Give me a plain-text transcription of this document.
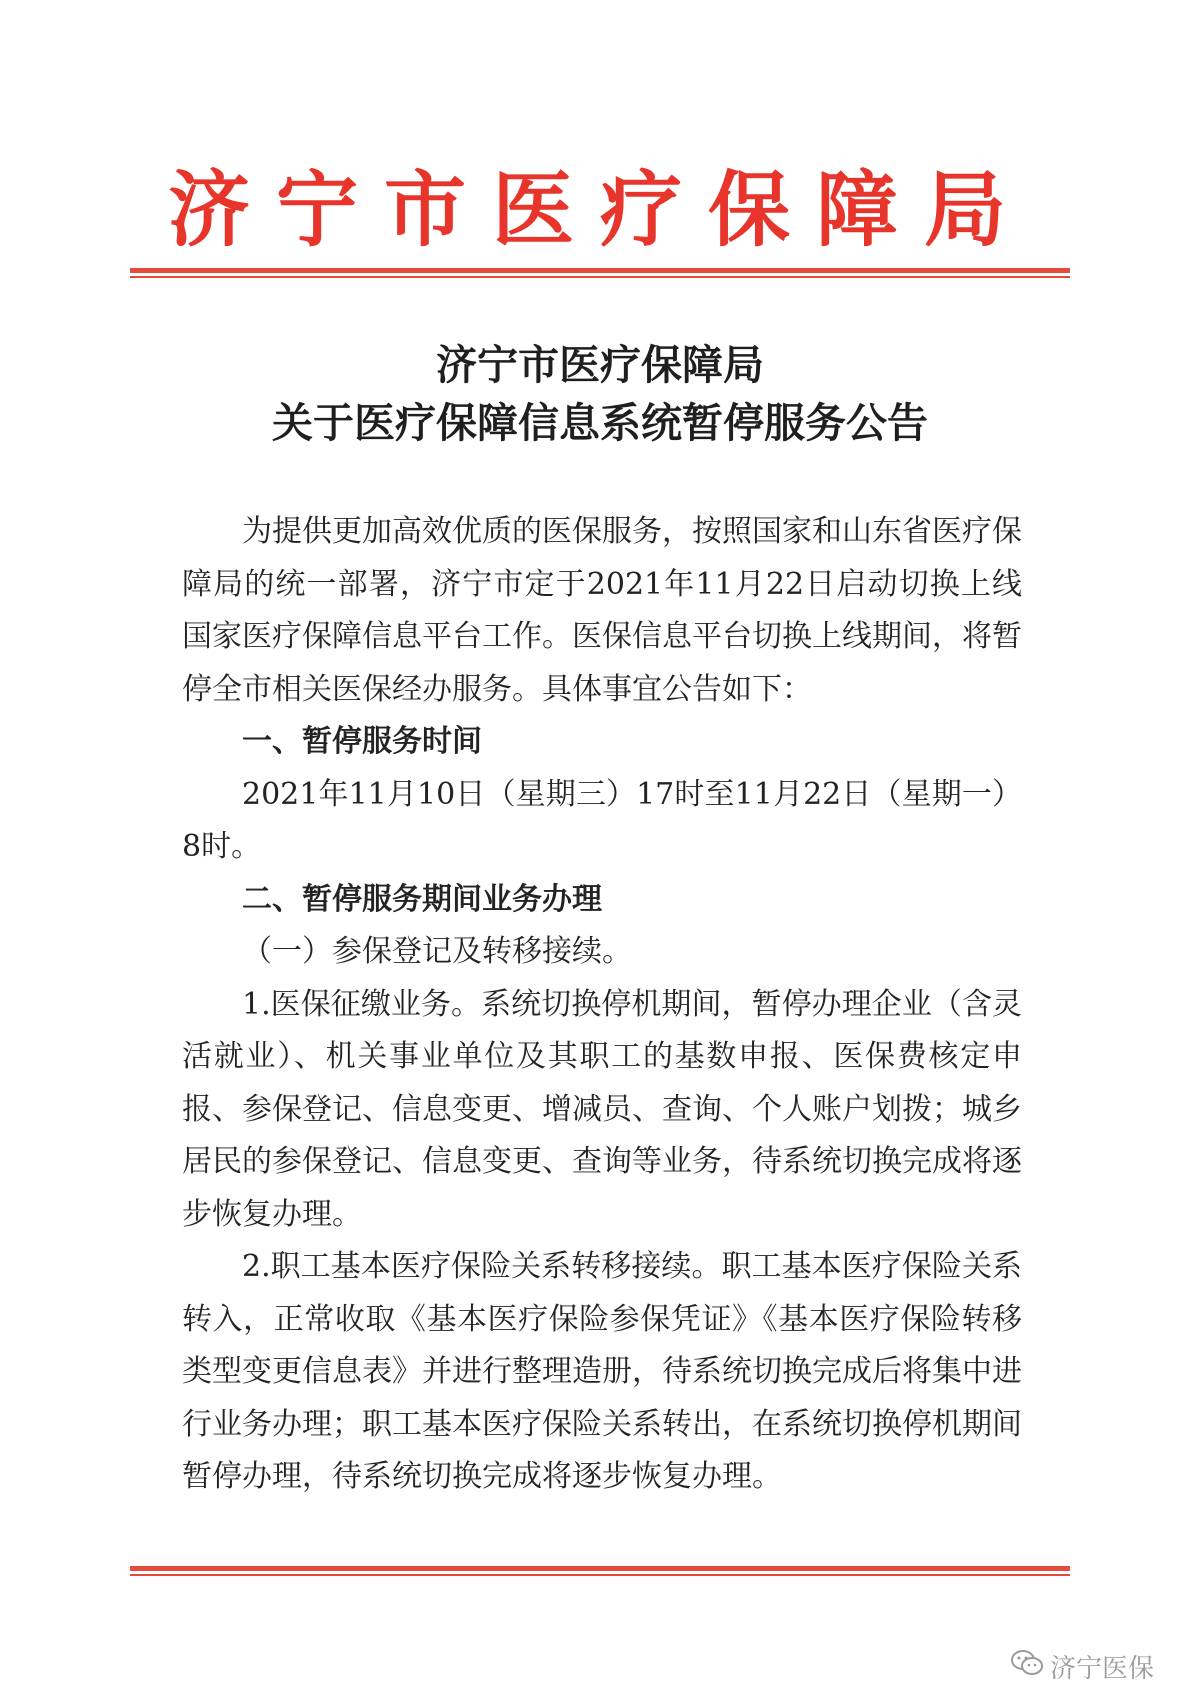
济宁市医疗保障局
济宁市医疗保障局
关于医疗保障信息系统暂停服务公告

为提供更加高效优质的医保服务，按照国家和山东省医疗保障局的统一部署，济宁市定于2021年11月22日启动切换上线国家医疗保障信息平台工作。医保信息平台切换上线期间，将暂停全市相关医保经办服务。具体事宜公告如下：

一、暂停服务时间

2021年11月10日（星期三）17时至11月22日（星期一）8时。

二、暂停服务期间业务办理

（一）参保登记及转移接续。

1.医保征缴业务。系统切换停机期间，暂停办理企业（含灵活就业）、机关事业单位及其职工的基数申报、医保费核定申报、参保登记、信息变更、增减员、查询、个人账户划拨；城乡居民的参保登记、信息变更、查询等业务，待系统切换完成将逐步恢复办理。

2.职工基本医疗保险关系转移接续。职工基本医疗保险关系转入，正常收取《基本医疗保险参保凭证》《基本医疗保险转移类型变更信息表》并进行整理造册，待系统切换完成后将集中进行业务办理；职工基本医疗保险关系转出，在系统切换停机期间暂停办理，待系统切换完成将逐步恢复办理。

济宁医保
